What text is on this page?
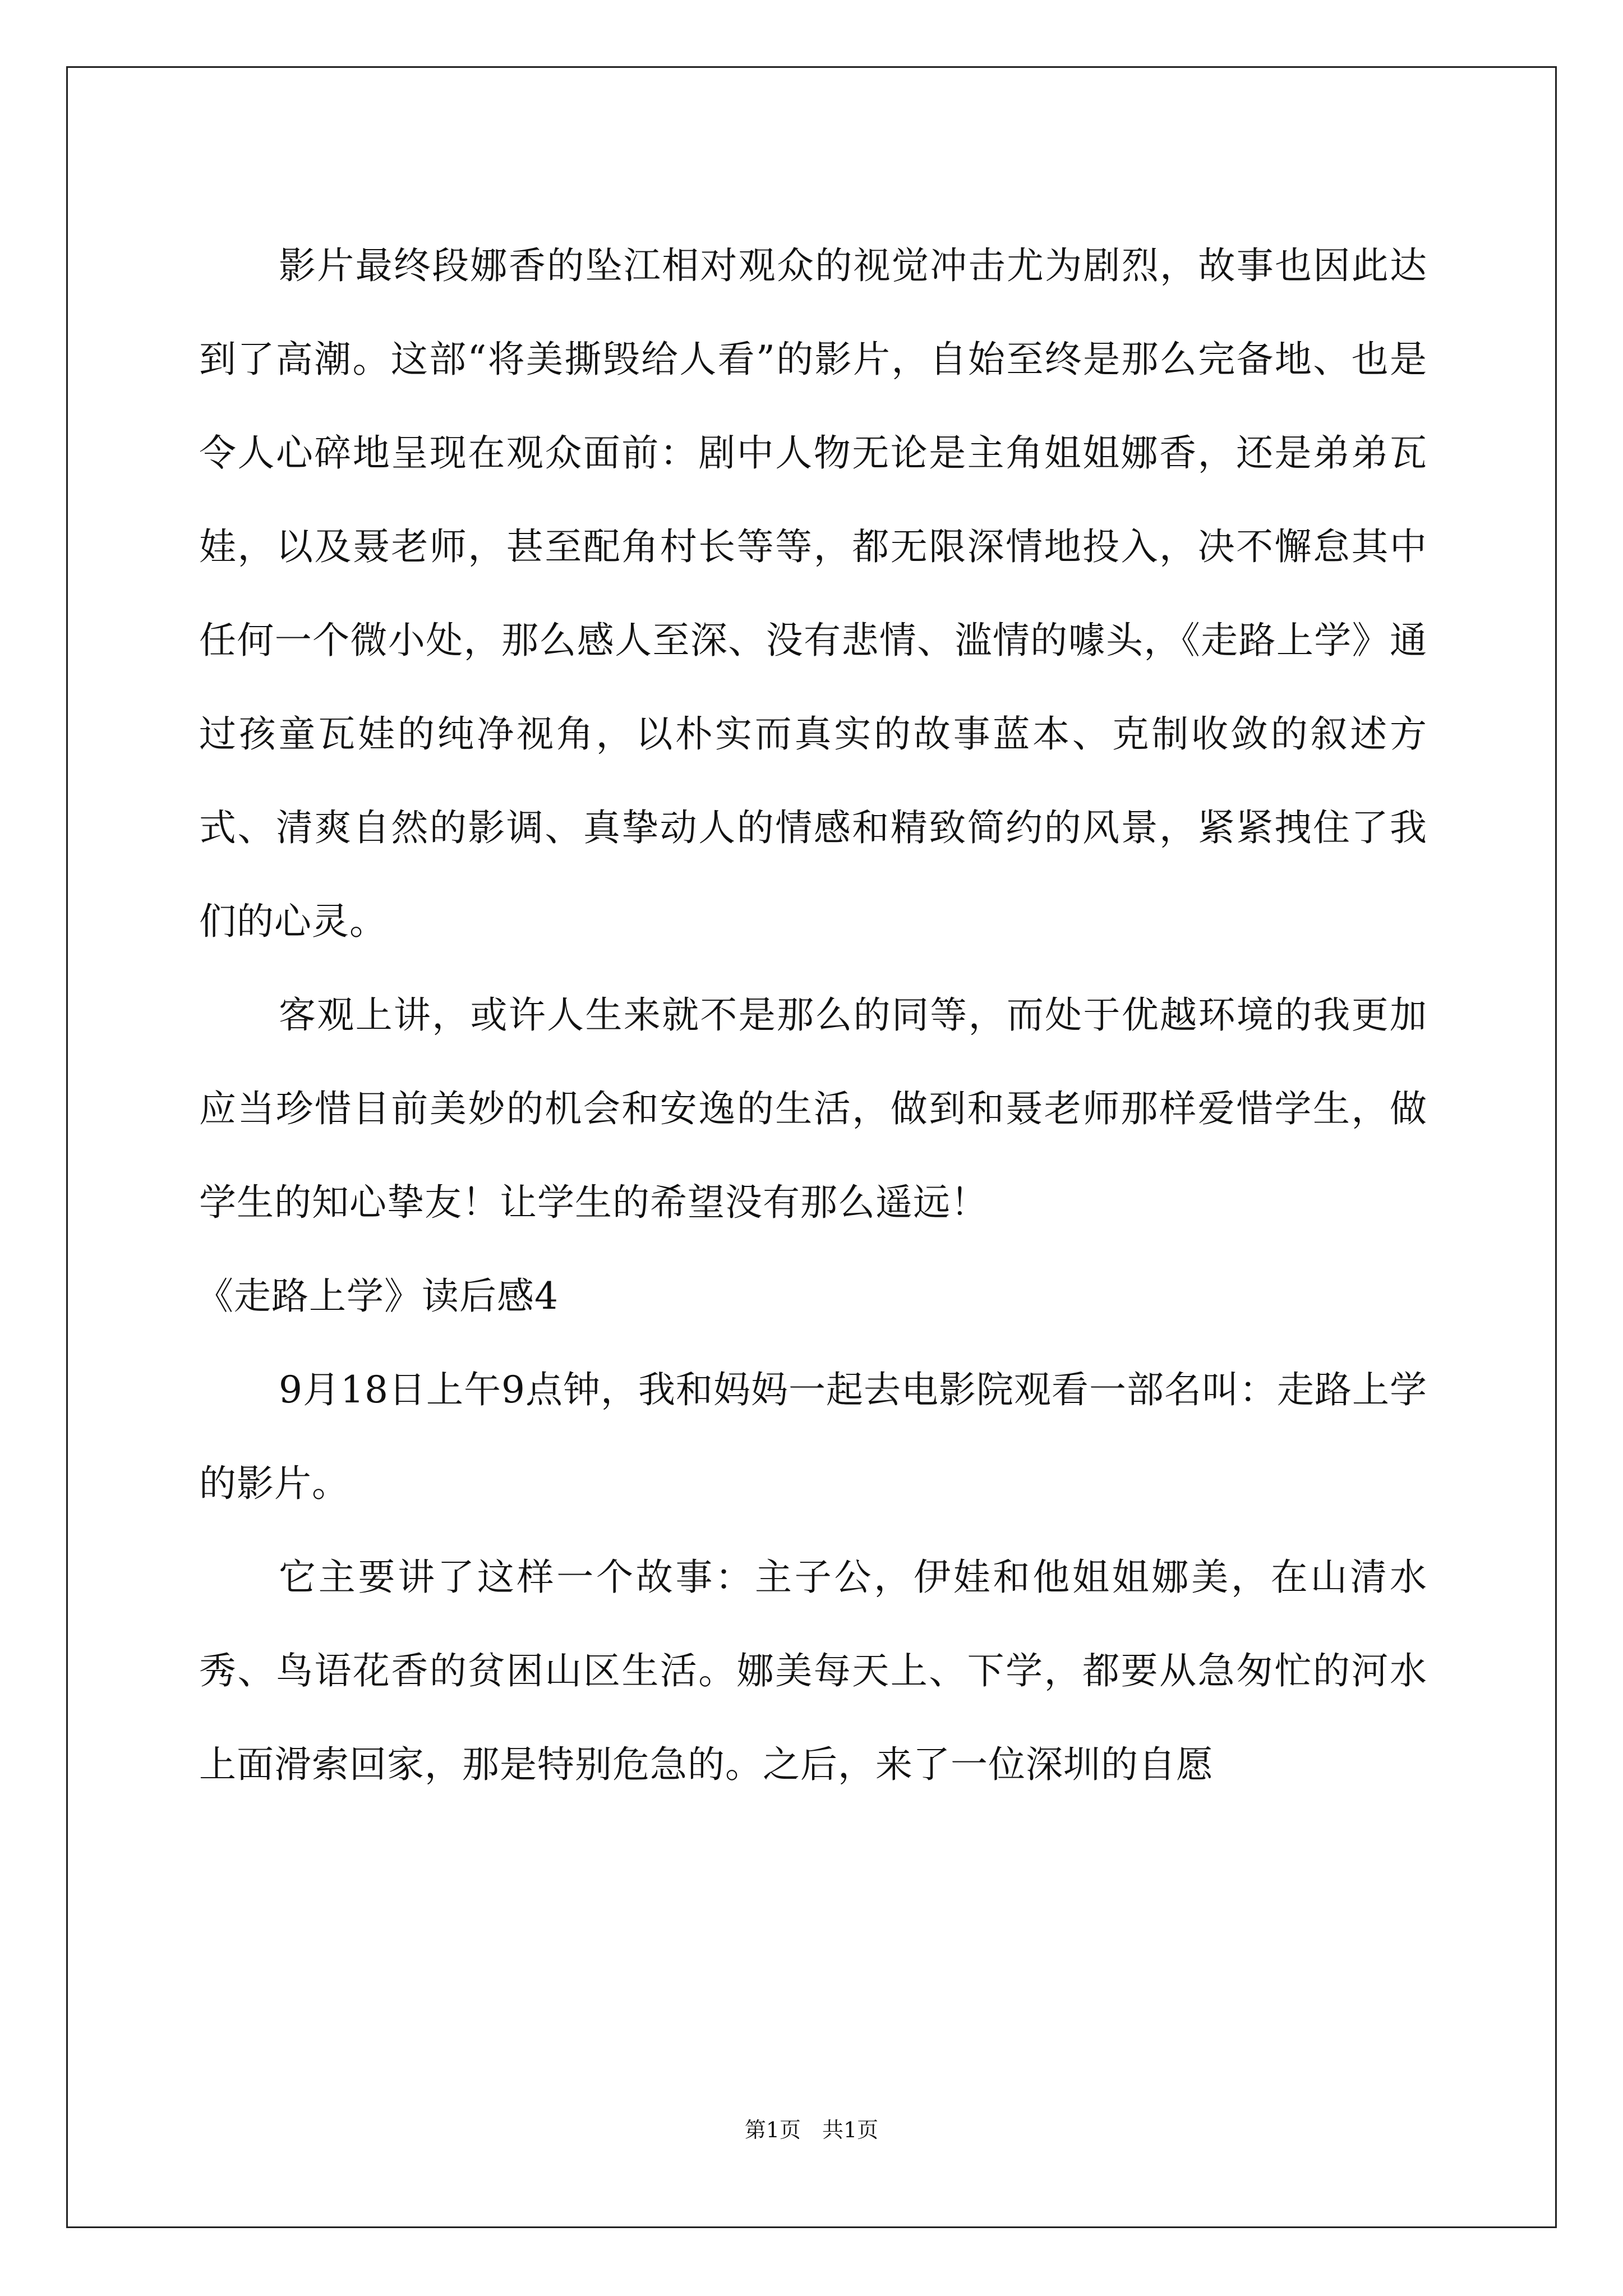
影片最终段娜香的坠江相对观众的视觉冲击尤为剧烈，故事也因此达到了高潮。这部“将美撕毁给人看”的影片，自始至终是那么完备地、也是令人心碎地呈现在观众面前：剧中人物无论是主角姐姐娜香，还是弟弟瓦娃，以及聂老师，甚至配角村长等等，都无限深情地投入，决不懈怠其中任何一个微小处，那么感人至深、没有悲情、滥情的噱头，《走路上学》通过孩童瓦娃的纯净视角，以朴实而真实的故事蓝本、克制收敛的叙述方式、清爽自然的影调、真挚动人的情感和精致简约的风景，紧紧拽住了我们的心灵。

客观上讲，或许人生来就不是那么的同等，而处于优越环境的我更加应当珍惜目前美妙的机会和安逸的生活，做到和聂老师那样爱惜学生，做学生的知心挚友！让学生的希望没有那么遥远！

《走路上学》读后感4

9月18日上午9点钟，我和妈妈一起去电影院观看一部名叫：走路上学的影片。

它主要讲了这样一个故事：主子公，伊娃和他姐姐娜美，在山清水秀、鸟语花香的贫困山区生活。娜美每天上、下学，都要从急匆忙的河水上面滑索回家，那是特别危急的。之后，来了一位深圳的自愿

第1页　共1页
